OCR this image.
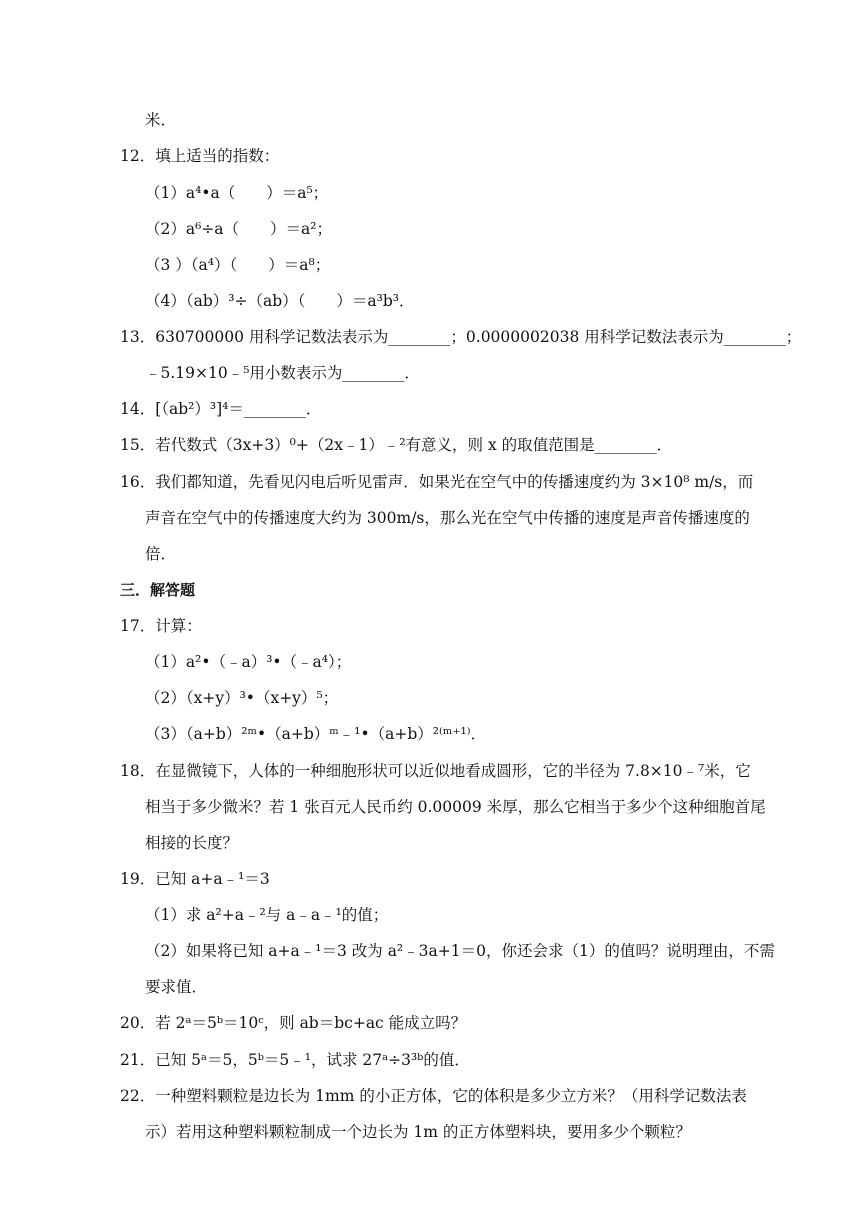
米．
12．填上适当的指数：
（1）a⁴•a（　　）＝a⁵；
（2）a⁶÷a（　　）＝a²；
（3 ）（a⁴）（　　）＝a⁸；
（4）（ab）³÷（ab）（　　）＝a³b³．
13．630700000 用科学记数法表示为________；0.0000002038 用科学记数法表示为________；
﹣5.19×10﹣⁵用小数表示为________．
14．[（ab²）³]⁴＝________．
15．若代数式（3x+3）⁰+（2x﹣1）﹣²有意义，则 x 的取值范围是________．
16．我们都知道，先看见闪电后听见雷声．如果光在空气中的传播速度约为 3×10⁸ m/s，而
声音在空气中的传播速度大约为 300m/s，那么光在空气中传播的速度是声音传播速度的
倍．
三．解答题
17．计算：
（1）a²•（﹣a）³•（﹣a⁴）；
（2）（x+y）³•（x+y）⁵；
（3）（a+b）²ᵐ•（a+b）ᵐ﹣¹•（a+b）²⁽ᵐ⁺¹⁾．
18．在显微镜下，人体的一种细胞形状可以近似地看成圆形，它的半径为 7.8×10﹣⁷米，它
相当于多少微米？若 1 张百元人民币约 0.00009 米厚，那么它相当于多少个这种细胞首尾
相接的长度？
19．已知 a+a﹣¹＝3
（1）求 a²+a﹣²与 a﹣a﹣¹的值；
（2）如果将已知 a+a﹣¹＝3 改为 a²﹣3a+1＝0，你还会求（1）的值吗？说明理由，不需
要求值．
20．若 2ᵃ＝5ᵇ＝10ᶜ，则 ab＝bc+ac 能成立吗？
21．已知 5ᵃ＝5，5ᵇ＝5﹣¹，试求 27ᵃ÷3³ᵇ的值．
22．一种塑料颗粒是边长为 1mm 的小正方体，它的体积是多少立方米？（用科学记数法表
示）若用这种塑料颗粒制成一个边长为 1m 的正方体塑料块，要用多少个颗粒？
